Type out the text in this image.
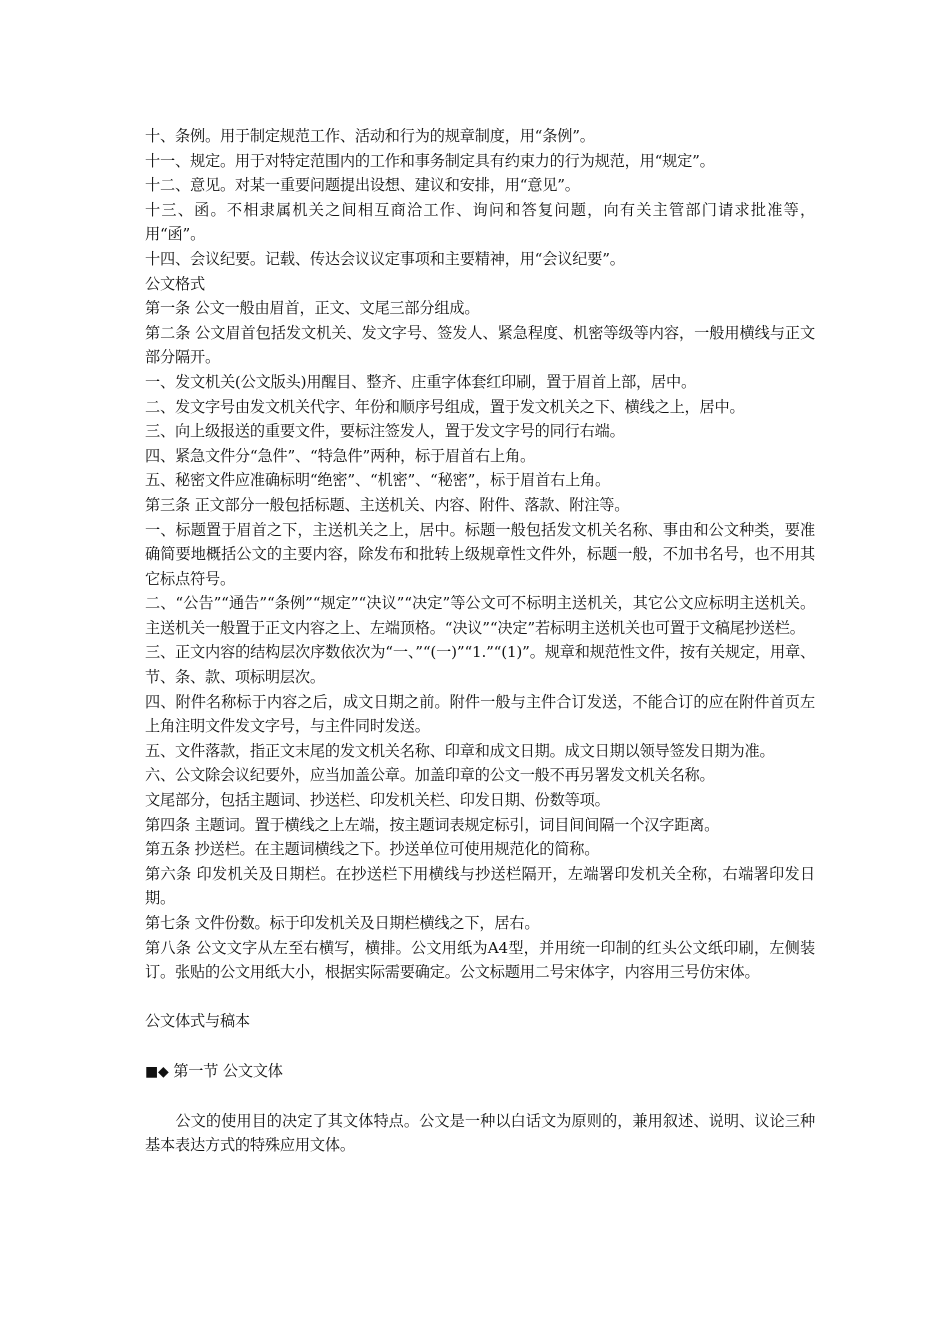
十、条例。用于制定规范工作、活动和行为的规章制度，用“条例”。

十一、规定。用于对特定范围内的工作和事务制定具有约束力的行为规范，用“规定”。

十二、意见。对某一重要问题提出设想、建议和安排，用“意见”。

十三、函。不相隶属机关之间相互商洽工作、询问和答复问题，向有关主管部门请求批准等，用“函”。

十四、会议纪要。记载、传达会议议定事项和主要精神，用“会议纪要”。

公文格式

第一条 公文一般由眉首，正文、文尾三部分组成。

第二条 公文眉首包括发文机关、发文字号、签发人、紧急程度、机密等级等内容，一般用横线与正文部分隔开。

一、发文机关(公文版头)用醒目、整齐、庄重字体套红印刷，置于眉首上部，居中。

二、发文字号由发文机关代字、年份和顺序号组成，置于发文机关之下、横线之上，居中。

三、向上级报送的重要文件，要标注签发人，置于发文字号的同行右端。

四、紧急文件分“急件”、“特急件”两种，标于眉首右上角。

五、秘密文件应准确标明“绝密”、“机密”、“秘密”，标于眉首右上角。

第三条 正文部分一般包括标题、主送机关、内容、附件、落款、附注等。

一、标题置于眉首之下，主送机关之上，居中。标题一般包括发文机关名称、事由和公文种类，要准确简要地概括公文的主要内容，除发布和批转上级规章性文件外，标题一般，不加书名号，也不用其它标点符号。

二、“公告”“通告”“条例”“规定”“决议”“决定”等公文可不标明主送机关，其它公文应标明主送机关。主送机关一般置于正文内容之上、左端顶格。“决议”“决定”若标明主送机关也可置于文稿尾抄送栏。

三、正文内容的结构层次序数依次为“一、”“(一)”“1.”“(1)”。规章和规范性文件，按有关规定，用章、节、条、款、项标明层次。

四、附件名称标于内容之后，成文日期之前。附件一般与主件合订发送，不能合订的应在附件首页左上角注明文件发文字号，与主件同时发送。

五、文件落款，指正文末尾的发文机关名称、印章和成文日期。成文日期以领导签发日期为准。

六、公文除会议纪要外，应当加盖公章。加盖印章的公文一般不再另署发文机关名称。

文尾部分，包括主题词、抄送栏、印发机关栏、印发日期、份数等项。

第四条 主题词。置于横线之上左端，按主题词表规定标引，词目间间隔一个汉字距离。

第五条 抄送栏。在主题词横线之下。抄送单位可使用规范化的简称。

第六条 印发机关及日期栏。在抄送栏下用横线与抄送栏隔开，左端署印发机关全称，右端署印发日期。

第七条 文件份数。标于印发机关及日期栏横线之下，居右。

第八条 公文文字从左至右横写，横排。公文用纸为A4型，并用统一印制的红头公文纸印刷，左侧装订。张贴的公文用纸大小，根据实际需要确定。公文标题用二号宋体字，内容用三号仿宋体。

公文体式与稿本

■◆ 第一节 公文文体

公文的使用目的决定了其文体特点。公文是一种以白话文为原则的，兼用叙述、说明、议论三种基本表达方式的特殊应用文体。
